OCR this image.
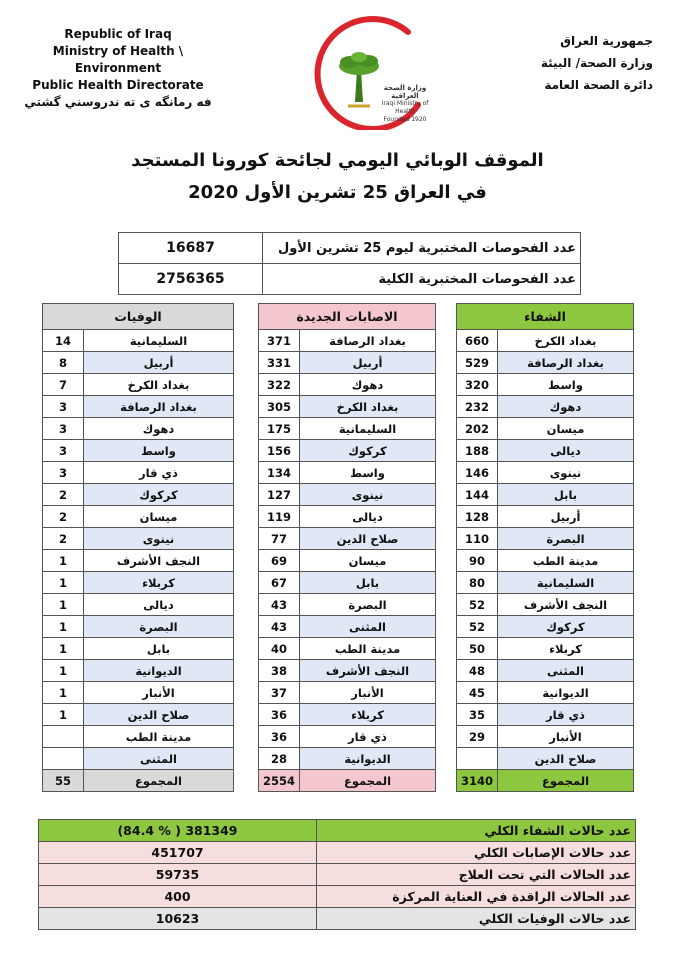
Republic of Iraq
Ministry of Health \ Environment
Public Health Directorate
فه رمانگه ى ته ندروسني گشتي
وزارة الصحة العراقية
Iraqi Ministry of Health
Founded 1920
جمهورية العراق
وزارة الصحة/ البيئة
دائرة الصحة العامة
الموقف الوبائي اليومي لجائحة كورونا المستجد
في العراق 25 تشرين الأول 2020
16687	عدد الفحوصات المختبرية ليوم 25 تشرين الأول
2756365	عدد الفحوصات المختبرية الكلية
الوفيات	
14	السليمانية
8	أربيل
7	بغداد الكرخ
3	بغداد الرصافة
3	دهوك
3	واسط
3	ذي قار
2	كركوك
2	ميسان
2	نينوى
1	النجف الأشرف
1	كربلاء
1	ديالى
1	البصرة
1	بابل
1	الديوانية
1	الأنبار
1	صلاح الدين
	مدينة الطب
	المثنى
55	المجموع
الاصابات الجديدة	
371	بغداد الرصافة
331	أربيل
322	دهوك
305	بغداد الكرخ
175	السليمانية
156	كركوك
134	واسط
127	نينوى
119	ديالى
77	صلاح الدين
69	ميسان
67	بابل
43	البصرة
43	المثنى
40	مدينة الطب
38	النجف الأشرف
37	الأنبار
36	كربلاء
36	ذي قار
28	الديوانية
2554	المجموع
الشفاء	
660	بغداد الكرخ
529	بغداد الرصافة
320	واسط
232	دهوك
202	ميسان
188	ديالى
146	نينوى
144	بابل
128	أربيل
110	البصرة
90	مدينة الطب
80	السليمانية
52	النجف الأشرف
52	كركوك
50	كربلاء
48	المثنى
45	الديوانية
35	ذي قار
29	الأنبار
	صلاح الدين
3140	المجموع
(84.4 % ) 381349	عدد حالات الشفاء الكلي
451707	عدد حالات الإصابات الكلي
59735	عدد الحالات التي تحت العلاج
400	عدد الحالات الراقدة في العناية المركزة
10623	عدد حالات الوفيات الكلي
